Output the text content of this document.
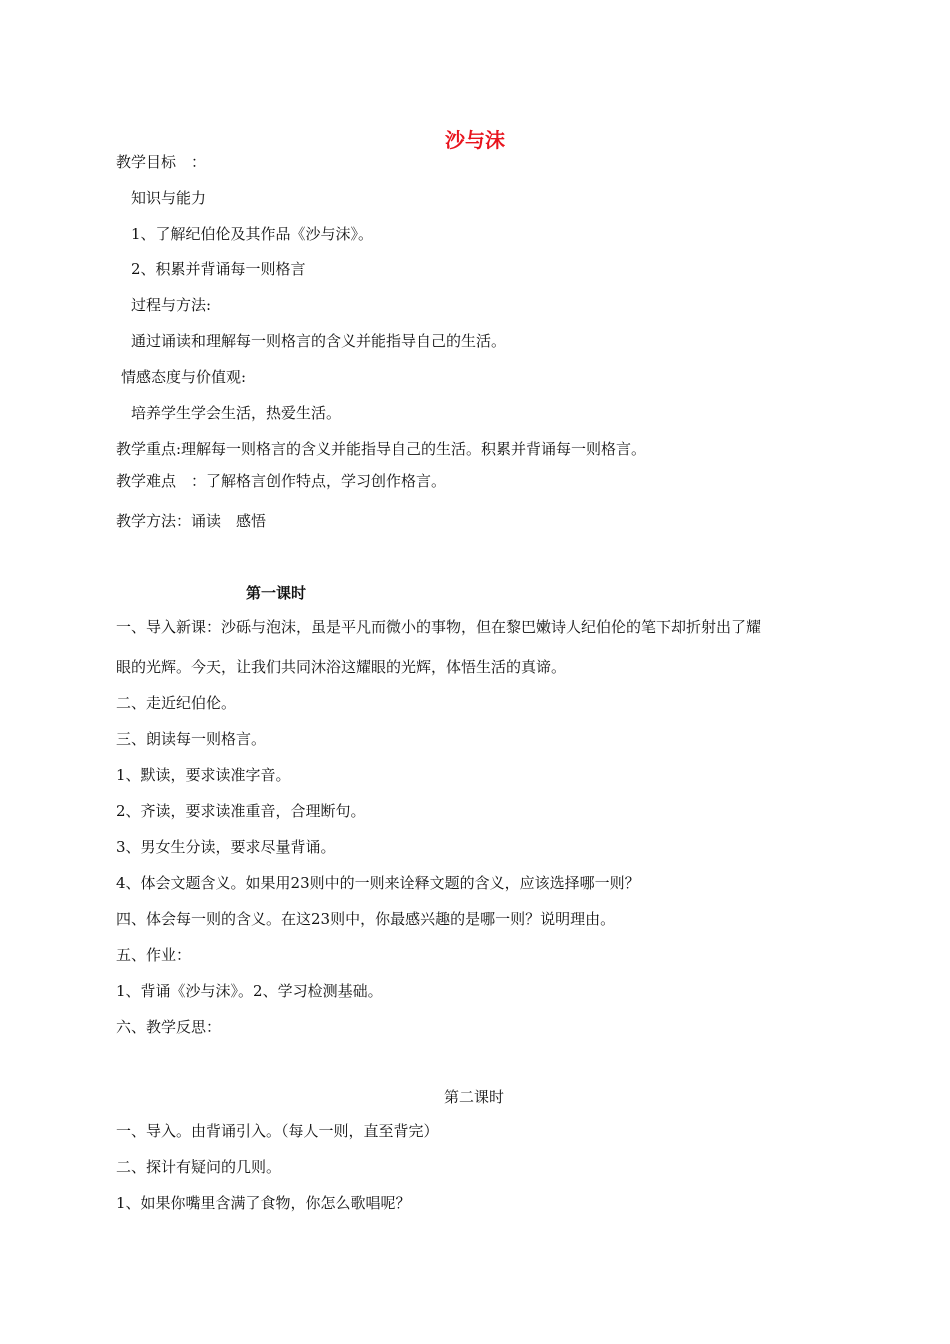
沙与沫
教学目标　：
知识与能力
1、了解纪伯伦及其作品《沙与沫》。
2、积累并背诵每一则格言
过程与方法:
通过诵读和理解每一则格言的含义并能指导自己的生活。
情感态度与价值观:
培养学生学会生活，热爱生活。
教学重点:理解每一则格言的含义并能指导自己的生活。积累并背诵每一则格言。
教学难点　：了解格言创作特点，学习创作格言。
教学方法：诵读　感悟
第一课时
一、导入新课：沙砾与泡沫，虽是平凡而微小的事物，但在黎巴嫩诗人纪伯伦的笔下却折射出了耀
眼的光辉。今天，让我们共同沐浴这耀眼的光辉，体悟生活的真谛。
二、走近纪伯伦。
三、朗读每一则格言。
1、默读，要求读准字音。
2、齐读，要求读准重音，合理断句。
3、男女生分读，要求尽量背诵。
4、体会文题含义。如果用23则中的一则来诠释文题的含义，应该选择哪一则？
四、体会每一则的含义。在这23则中，你最感兴趣的是哪一则？说明理由。
五、作业：
1、背诵《沙与沫》。2、学习检测基础。
六、教学反思：
第二课时
一、导入。由背诵引入。（每人一则，直至背完）
二、探计有疑问的几则。
1、如果你嘴里含满了食物，你怎么歌唱呢？
